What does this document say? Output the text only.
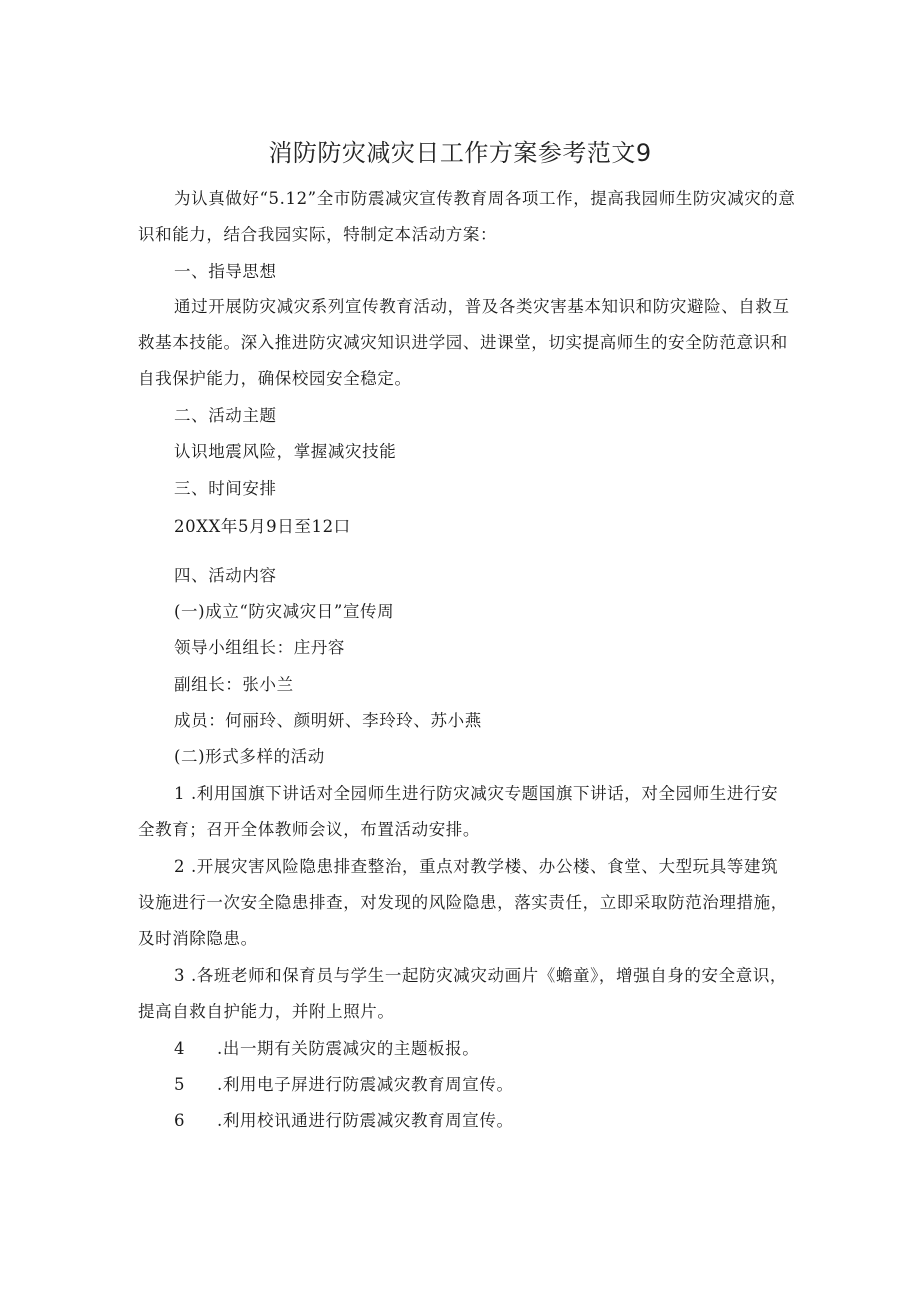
消防防灾减灾日工作方案参考范文9
为认真做好“5.12”全市防震减灾宣传教育周各项工作，提高我园师生防灾减灾的意
识和能力，结合我园实际，特制定本活动方案：
一、指导思想
通过开展防灾减灾系列宣传教育活动，普及各类灾害基本知识和防灾避险、自救互
救基本技能。深入推进防灾减灾知识进学园、进课堂，切实提高师生的安全防范意识和
自我保护能力，确保校园安全稳定。
二、活动主题
认识地震风险，掌握减灾技能
三、时间安排
20XX年5月9日至12口
四、活动内容
(一)成立“防灾减灾日”宣传周
领导小组组长：庄丹容
副组长：张小兰
成员：何丽玲、颜明妍、李玲玲、苏小燕
(二)形式多样的活动
1 .利用国旗下讲话对全园师生进行防灾减灾专题国旗下讲话，对全园师生进行安
全教育；召开全体教师会议，布置活动安排。
2 .开展灾害风险隐患排查整治，重点对教学楼、办公楼、食堂、大型玩具等建筑
设施进行一次安全隐患排查，对发现的风险隐患，落实责任，立即采取防范治理措施，
及时消除隐患。
3 .各班老师和保育员与学生一起防灾减灾动画片《蟾童》，增强自身的安全意识，
提高自救自护能力，并附上照片。
4 .出一期有关防震减灾的主题板报。
5 .利用电子屏进行防震减灾教育周宣传。
6 .利用校讯通进行防震减灾教育周宣传。
